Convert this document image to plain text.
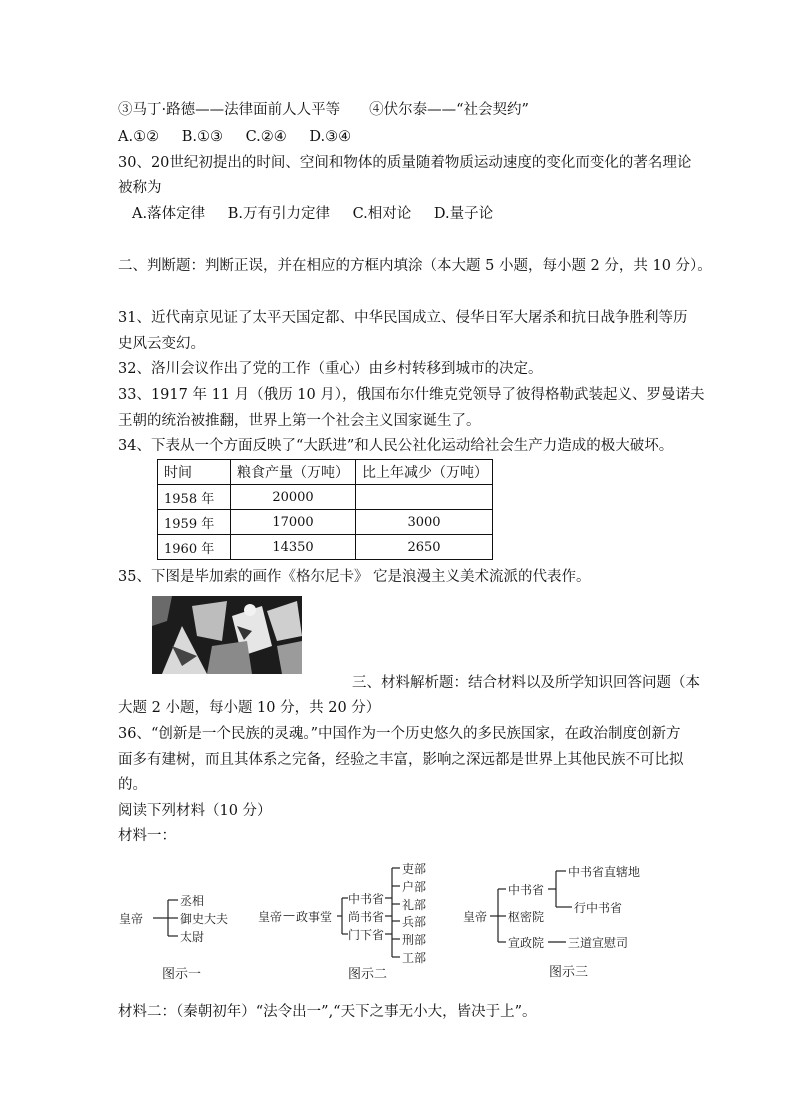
③马丁·路德——法律面前人人平等　　④伏尔泰——“社会契约”
A.①② B.①③ C.②④ D.③④
30、20世纪初提出的时间、空间和物体的质量随着物质运动速度的变化而变化的著名理论
被称为
A.落体定律 B.万有引力定律 C.相对论 D.量子论
二、判断题：判断正误，并在相应的方框内填涂（本大题 5 小题，每小题 2 分，共 10 分）。
31、近代南京见证了太平天国定都、中华民国成立、侵华日军大屠杀和抗日战争胜利等历
史风云变幻。
32、洛川会议作出了党的工作（重心）由乡村转移到城市的决定。
33、1917 年 11 月（俄历 10 月），俄国布尔什维克党领导了彼得格勒武装起义、罗曼诺夫
王朝的统治被推翻，世界上第一个社会主义国家诞生了。
34、下表从一个方面反映了“大跃进”和人民公社化运动给社会生产力造成的极大破坏。
时间	粮食产量（万吨）	比上年减少（万吨）
1958 年	20000	
1959 年	17000	3000
1960 年	14350	2650
35、下图是毕加索的画作《格尔尼卡》 它是浪漫主义美术流派的代表作。
三、材料解析题：结合材料以及所学知识回答问题（本
大题 2 小题，每小题 10 分，共 20 分）
36、“创新是一个民族的灵魂。”中国作为一个历史悠久的多民族国家，在政治制度创新方
面多有建树，而且其体系之完备，经验之丰富，影响之深远都是世界上其他民族不可比拟
的。
阅读下列材料（10 分）
材料一：
皇帝
丞相
御史大夫
太尉
图示一
皇帝 — 政事堂
中书省
尚书省
门下省
吏部
户部
礼部
兵部
刑部
工部
图示二
皇帝
中书省
枢密院
宣政院
中书省直辖地
行中书省
三道宣慰司
图示三
材料二：（秦朝初年）“法令出一”,“天下之事无小大，皆决于上”。
